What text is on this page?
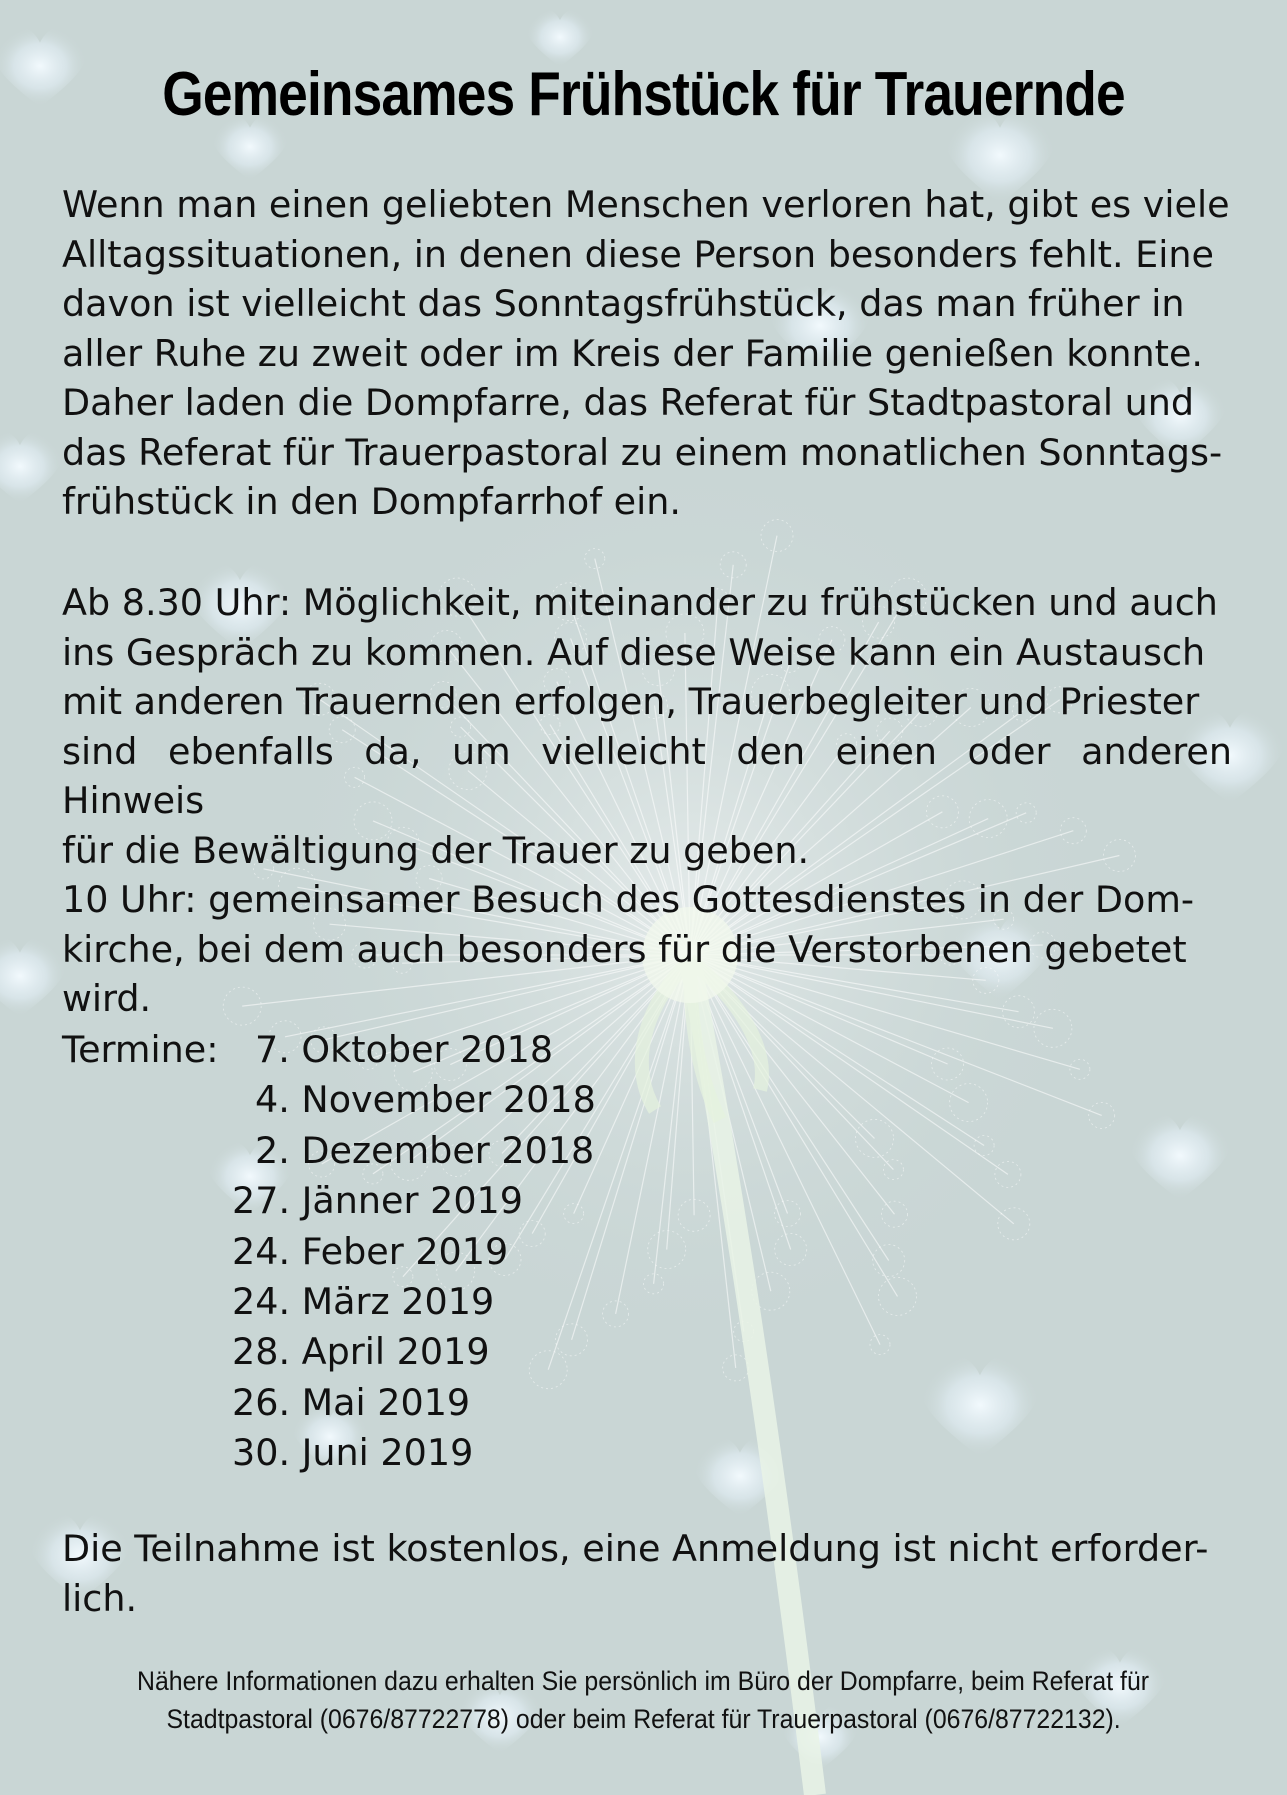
Gemeinsames Frühstück für Trauernde

Wenn man einen geliebten Menschen verloren hat, gibt es viele

Alltagssituationen, in denen diese Person besonders fehlt. Eine

davon ist vielleicht das Sonntagsfrühstück, das man früher in

aller Ruhe zu zweit oder im Kreis der Familie genießen konnte.

Daher laden die Dompfarre, das Referat für Stadtpastoral und

das Referat für Trauerpastoral zu einem monatlichen Sonntags-

frühstück in den Dompfarrhof ein.

Ab 8.30 Uhr: Möglichkeit, miteinander zu frühstücken und auch

ins Gespräch zu kommen. Auf diese Weise kann ein Austausch

mit anderen Trauernden erfolgen, Trauerbegleiter und Priester

sind ebenfalls da, um vielleicht den einen oder anderen Hinweis

für die Bewältigung der Trauer zu geben.

10 Uhr: gemeinsamer Besuch des Gottesdienstes in der Dom-

kirche, bei dem auch besonders für die Verstorbenen gebetet

wird.

Termine:	7. Oktober 2018
4. November 2018
2. Dezember 2018
27. Jänner 2019
24. Feber 2019
24. März 2019
28. April 2019
26. Mai 2019
30. Juni 2019
Die Teilnahme ist kostenlos, eine Anmeldung ist nicht erforder-
lich.
Nähere Informationen dazu erhalten Sie persönlich im Büro der Dompfarre, beim Referat für
Stadtpastoral (0676/87722778) oder beim Referat für Trauerpastoral (0676/87722132).
